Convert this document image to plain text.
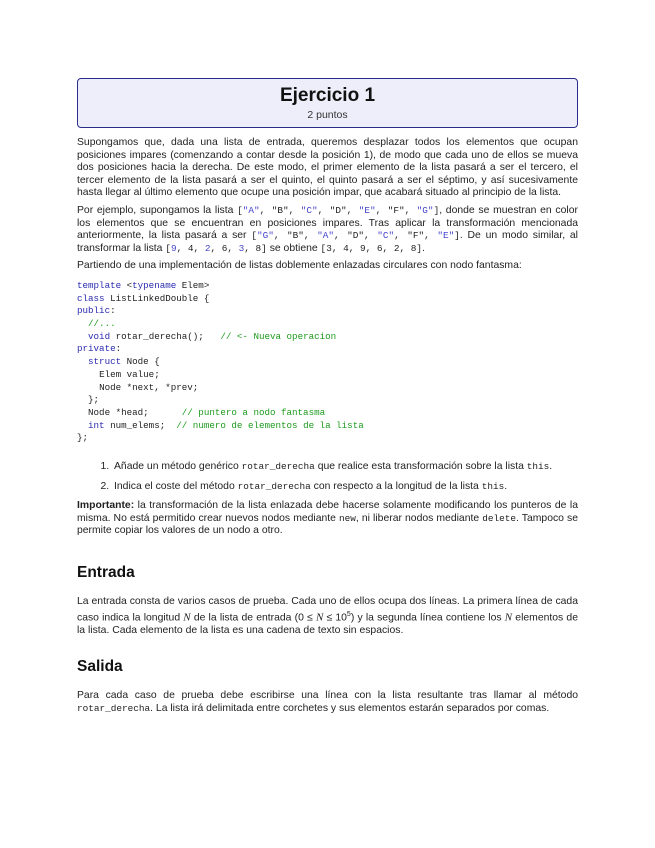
Ejercicio 1
2 puntos

Supongamos que, dada una lista de entrada, queremos desplazar todos los elementos que ocupan posiciones impares (comenzando a contar desde la posición 1), de modo que cada uno de ellos se mueva dos posiciones hacia la derecha. De este modo, el primer elemento de la lista pasará a ser el tercero, el tercer elemento de la lista pasará a ser el quinto, el quinto pasará a ser el séptimo, y así sucesivamente hasta llegar al último elemento que ocupe una posición impar, que acabará situado al principio de la lista.

Por ejemplo, supongamos la lista ["A", "B", "C", "D", "E", "F", "G"], donde se muestran en color los elementos que se encuentran en posiciones impares. Tras aplicar la transformación mencionada anteriormente, la lista pasará a ser ["G", "B", "A", "D", "C", "F", "E"]. De un modo similar, al transformar la lista [9, 4, 2, 6, 3, 8] se obtiene [3, 4, 9, 6, 2, 8].

Partiendo de una implementación de listas doblemente enlazadas circulares con nodo fantasma:

template <typename Elem>
class ListLinkedDouble {
public:
//...
void rotar_derecha();   // <- Nueva operacion
private:
struct Node {
Elem value;
Node *next, *prev;
};
Node *head;      // puntero a nodo fantasma
int num_elems;  // numero de elementos de la lista
};
1. Añade un método genérico rotar_derecha que realice esta transformación sobre la lista this.
2. Indica el coste del método rotar_derecha con respecto a la longitud de la lista this.

Importante: la transformación de la lista enlazada debe hacerse solamente modificando los punteros de la misma. No está permitido crear nuevos nodos mediante new, ni liberar nodos mediante delete. Tampoco se permite copiar los valores de un nodo a otro.

Entrada

La entrada consta de varios casos de prueba. Cada uno de ellos ocupa dos líneas. La primera línea de cada caso indica la longitud N de la lista de entrada $(0 \le N \le 10^5)$ y la segunda línea contiene los N elementos de la lista. Cada elemento de la lista es una cadena de texto sin espacios.

Salida

Para cada caso de prueba debe escribirse una línea con la lista resultante tras llamar al método rotar_derecha. La lista irá delimitada entre corchetes y sus elementos estarán separados por comas.
